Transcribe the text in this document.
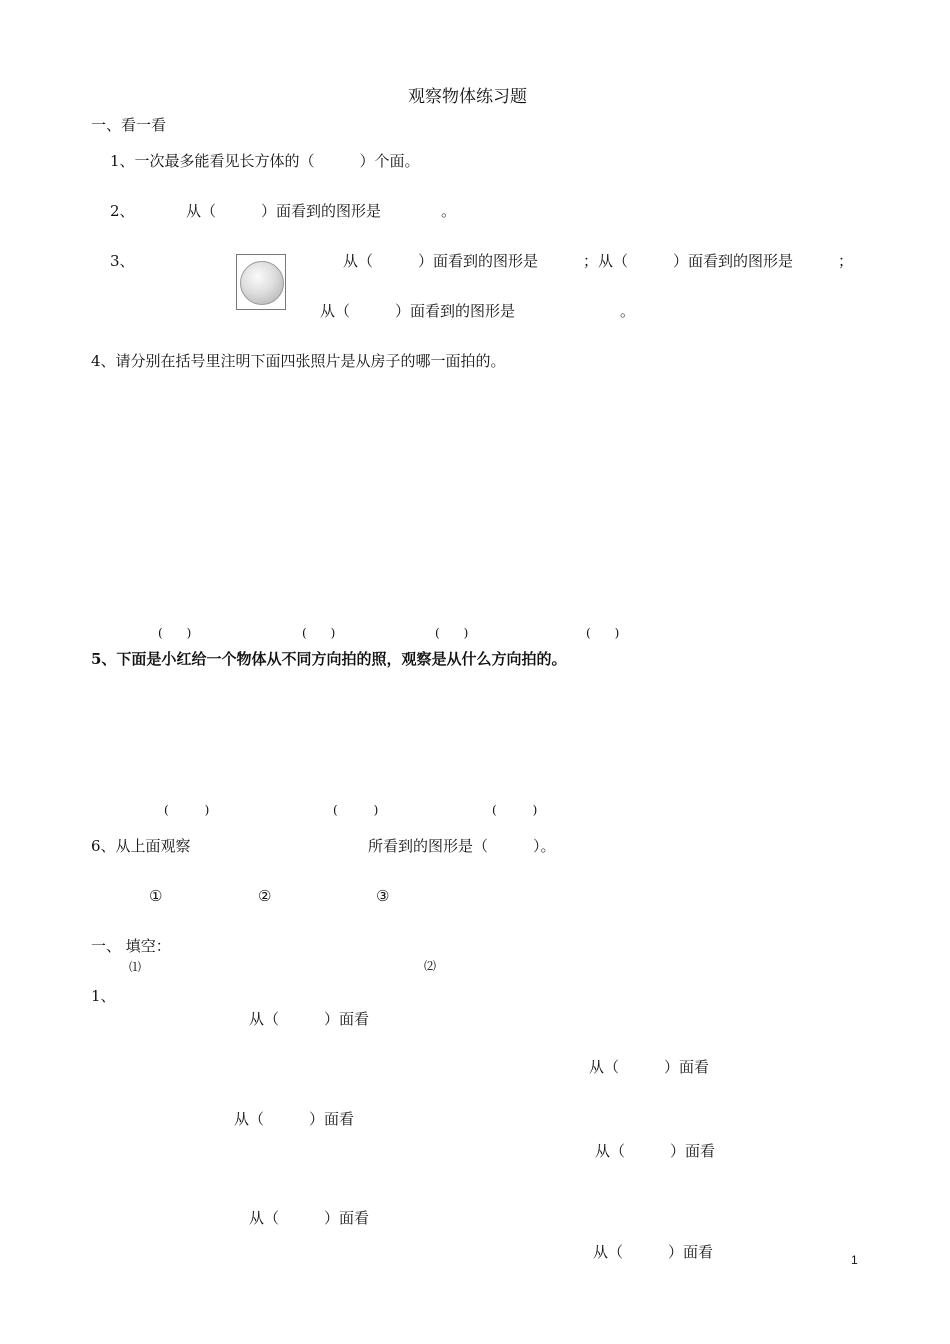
观察物体练习题
一、看一看
1、一次最多能看见长方体的（　　　）个面。
2、	从（　　　）面看到的图形是　　　　。
3、	从（　　　）面看到的图形是　　　；从（　　　）面看到的图形是　　　；
从（　　　）面看到的图形是　　　　　　　。
4、请分别在括号里注明下面四张照片是从房子的哪一面拍的。
(　　)	(　　)	(　　)	(　　)
5、下面是小红给一个物体从不同方向拍的照，观察是从什么方向拍的。
(　　　)	(　　　)	(　　　)
6、从上面观察	所看到的图形是（　　　）。
①	②	③
一、 填空：
⑴	⑵
1、
从（　　　）面看
从（　　　）面看
从（　　　）面看
从（　　　）面看
从（　　　）面看
从（　　　）面看	1
